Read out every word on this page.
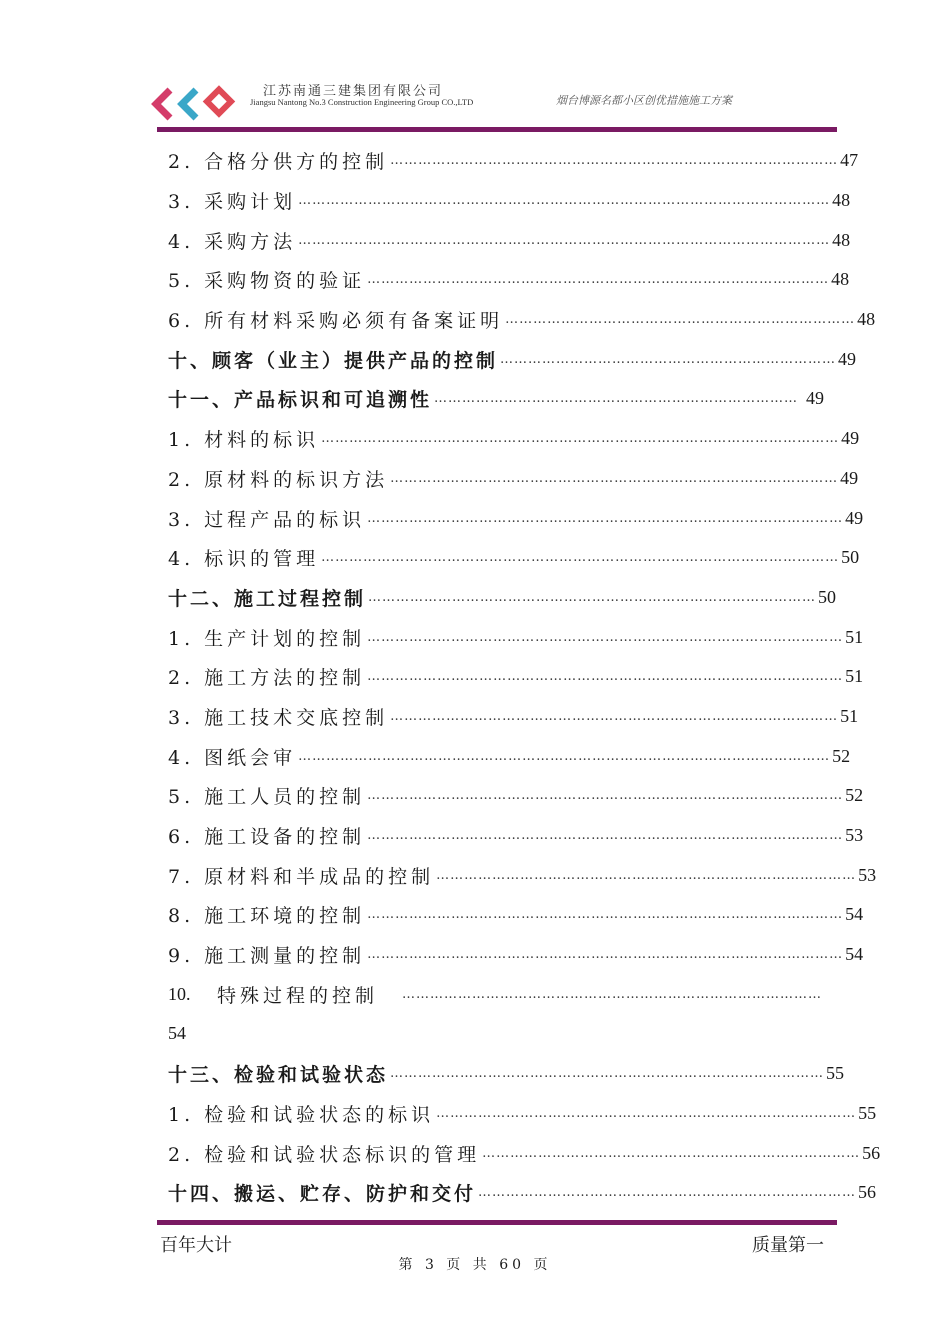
江苏南通三建集团有限公司
Jiangsu Nantong No.3 Construction Engineering Group CO.,LTD	烟台博源名都小区创优措施施工方案
2. 合格分供方的控制 …………………………………………………………………………………… 47
3. 采购计划 …………………………………………………………………………………………………… 48
4. 采购方法 …………………………………………………………………………………………………… 48
5. 采购物资的验证 ……………………………………………………………………………………… 48
6. 所有材料采购必须有备案证明 ………………………………………………………………… 48
十、顾客（业主）提供产品的控制 ……………………………………………………………… 49
十一、产品标识和可追溯性 …………………………………………………………………… 49
1. 材料的标识 ………………………………………………………………………………………………… 49
2. 原材料的标识方法 …………………………………………………………………………………… 49
3. 过程产品的标识 ………………………………………………………………………………………… 49
4. 标识的管理 ………………………………………………………………………………………………… 50
十二、施工过程控制 …………………………………………………………………………………… 50
1. 生产计划的控制 ………………………………………………………………………………………… 51
2. 施工方法的控制 ………………………………………………………………………………………… 51
3. 施工技术交底控制 …………………………………………………………………………………… 51
4. 图纸会审 …………………………………………………………………………………………………… 52
5. 施工人员的控制 ………………………………………………………………………………………… 52
6. 施工设备的控制 ………………………………………………………………………………………… 53
7. 原材料和半成品的控制 ……………………………………………………………………………… 53
8. 施工环境的控制 ………………………………………………………………………………………… 54
9. 施工测量的控制 ………………………………………………………………………………………… 54
10. 特殊过程的控制 ………………………………………………………………………………
54
十三、检验和试验状态 ………………………………………………………………………………… 55
1. 检验和试验状态的标识 ……………………………………………………………………………… 55
2. 检验和试验状态标识的管理 ……………………………………………………………………… 56
十四、搬运、贮存、防护和交付 ……………………………………………………………………… 56
百年大计	质量第一
第 3 页 共 60 页
